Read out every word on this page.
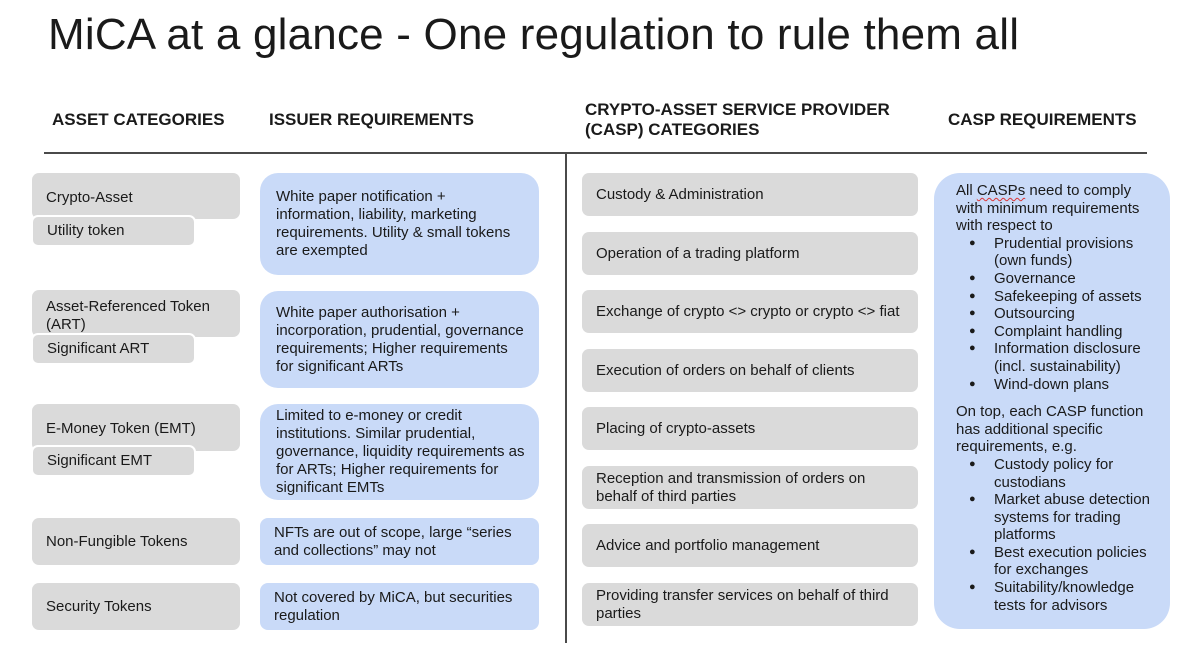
MiCA at a glance - One regulation to rule them all
ASSET CATEGORIES	ISSUER REQUIREMENTS
CRYPTO-ASSET SERVICE PROVIDER
(CASP) CATEGORIES
CASP REQUIREMENTS
Crypto-Asset
Utility token
Asset-Referenced Token
(ART)
Significant ART
E-Money Token (EMT)
Significant EMT
Non-Fungible Tokens
Security Tokens
White paper notification + information, liability, marketing requirements. Utility & small tokens are exempted
White paper authorisation + incorporation, prudential, governance requirements; Higher requirements for significant ARTs
Limited to e-money or credit institutions. Similar prudential, governance, liquidity requirements as for ARTs; Higher requirements for significant EMTs
NFTs are out of scope, large “series and collections” may not
Not covered by MiCA, but securities regulation
Custody & Administration
Operation of a trading platform
Exchange of crypto <> crypto or crypto <> fiat
Execution of orders on behalf of clients
Placing of crypto-assets
Reception and transmission of orders on behalf of third parties
Advice and portfolio management
Providing transfer services on behalf of third parties
All CASPs need to comply with minimum requirements with respect to
● Prudential provisions (own funds)
● Governance
● Safekeeping of assets
● Outsourcing
● Complaint handling
● Information disclosure (incl. sustainability)
● Wind-down plans
On top, each CASP function has additional specific requirements, e.g.
● Custody policy for custodians
● Market abuse detection systems for trading platforms
● Best execution policies for exchanges
● Suitability/knowledge tests for advisors
